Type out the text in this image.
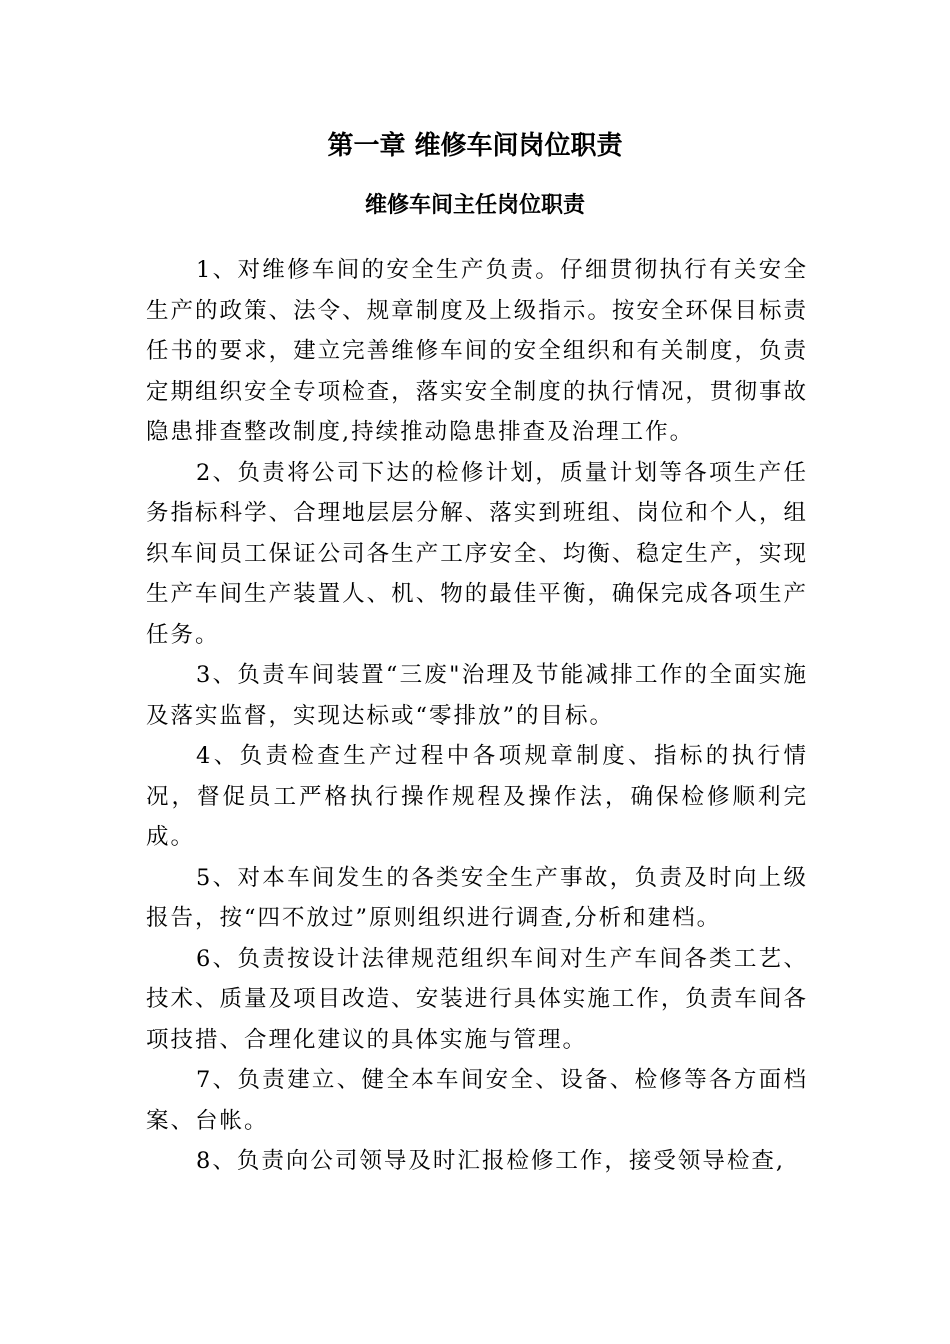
第一章 维修车间岗位职责
维修车间主任岗位职责

1、对维修车间的安全生产负责。仔细贯彻执行有关安全生产的政策、法令、规章制度及上级指示。按安全环保目标责任书的要求，建立完善维修车间的安全组织和有关制度，负责定期组织安全专项检查，落实安全制度的执行情况，贯彻事故隐患排查整改制度,持续推动隐患排查及治理工作。

2、负责将公司下达的检修计划，质量计划等各项生产任务指标科学、合理地层层分解、落实到班组、岗位和个人，组织车间员工保证公司各生产工序安全、均衡、稳定生产，实现生产车间生产装置人、机、物的最佳平衡，确保完成各项生产任务。

3、负责车间装置“三废"治理及节能减排工作的全面实施及落实监督，实现达标或“零排放”的目标。

4、负责检查生产过程中各项规章制度、指标的执行情况，督促员工严格执行操作规程及操作法，确保检修顺利完成。

5、对本车间发生的各类安全生产事故，负责及时向上级报告，按“四不放过”原则组织进行调查,分析和建档。

6、负责按设计法律规范组织车间对生产车间各类工艺、技术、质量及项目改造、安装进行具体实施工作，负责车间各项技措、合理化建议的具体实施与管理。

7、负责建立、健全本车间安全、设备、检修等各方面档案、台帐。

8、负责向公司领导及时汇报检修工作，接受领导检查,
